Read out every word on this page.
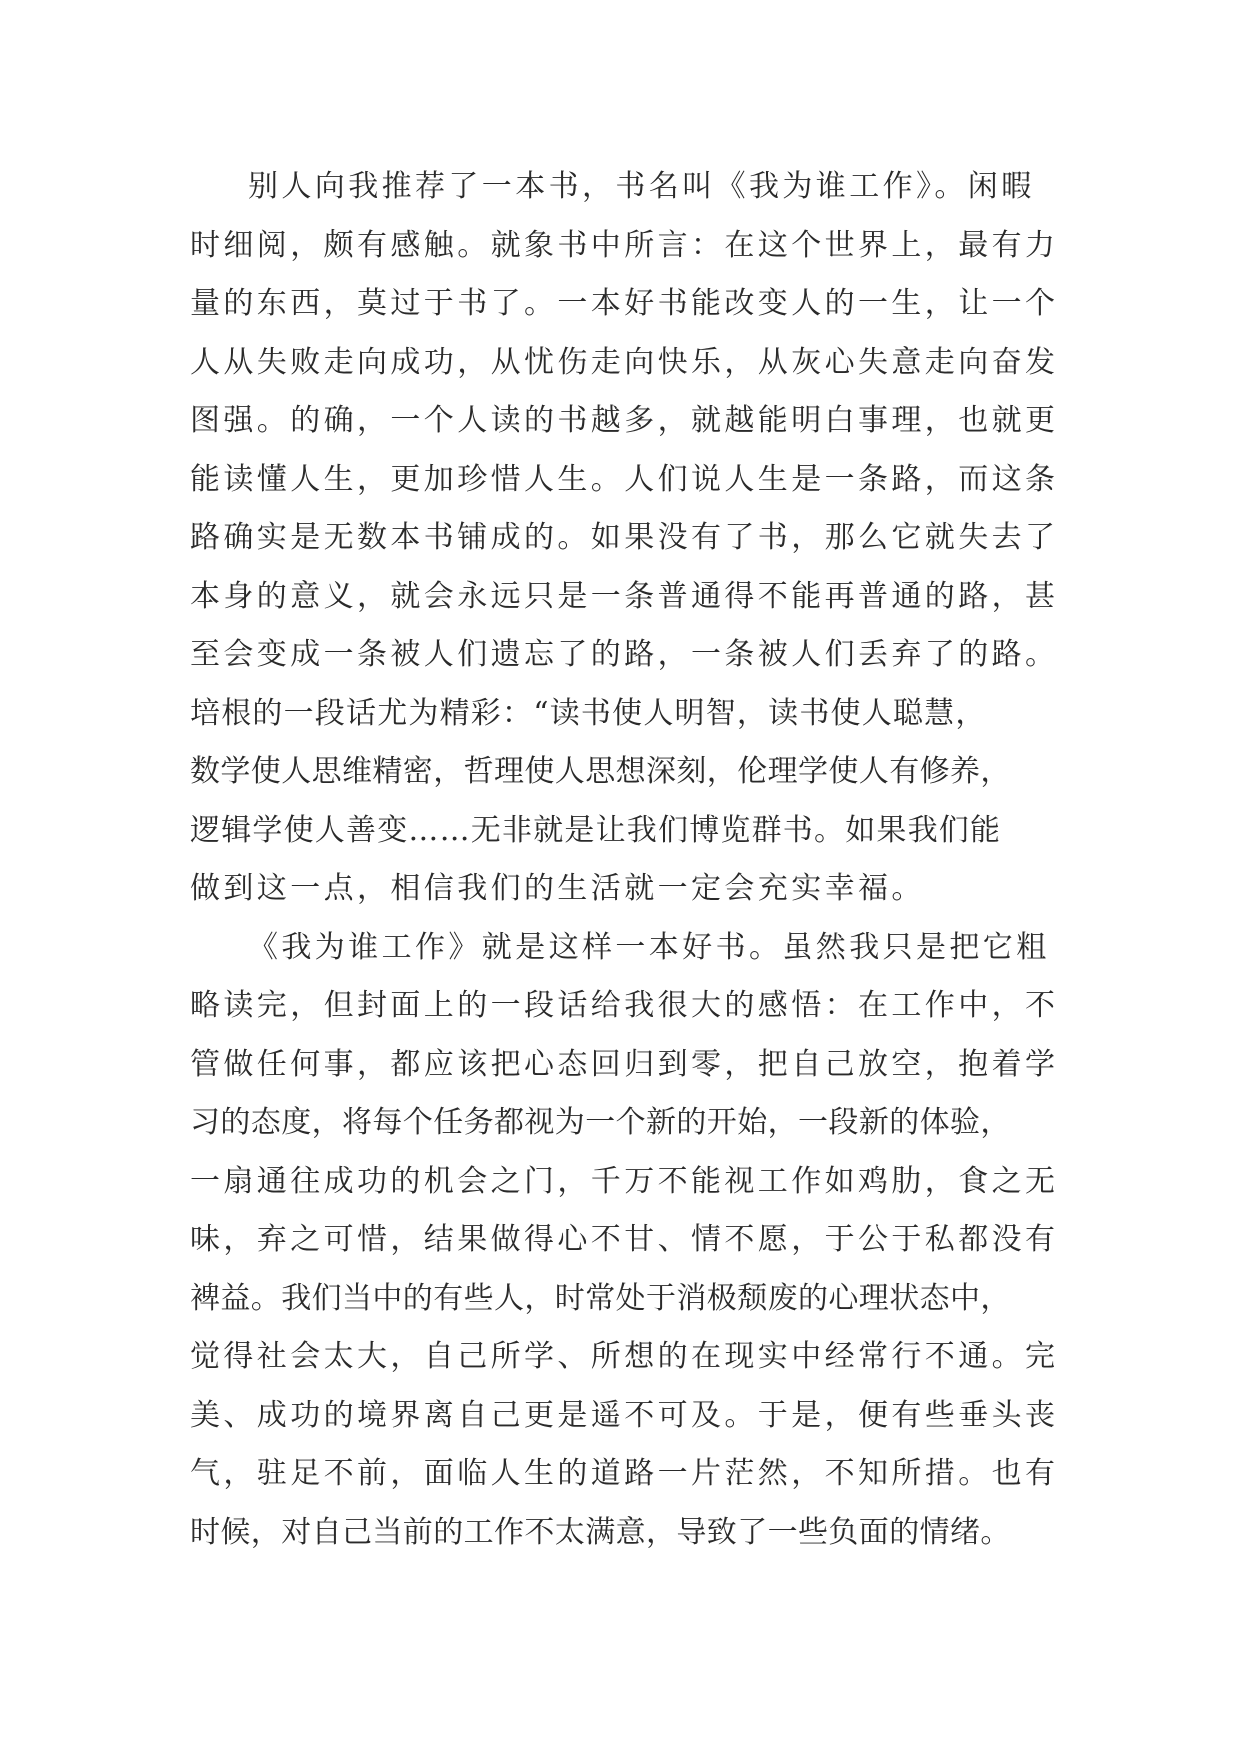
别人向我推荐了一本书，书名叫《我为谁工作》。闲暇
时细阅，颇有感触。就象书中所言：在这个世界上，最有力
量的东西，莫过于书了。一本好书能改变人的一生，让一个
人从失败走向成功，从忧伤走向快乐，从灰心失意走向奋发
图强。的确，一个人读的书越多，就越能明白事理，也就更
能读懂人生，更加珍惜人生。人们说人生是一条路，而这条
路确实是无数本书铺成的。如果没有了书，那么它就失去了
本身的意义，就会永远只是一条普通得不能再普通的路，甚
至会变成一条被人们遗忘了的路，一条被人们丢弃了的路。
培根的一段话尤为精彩：“读书使人明智，读书使人聪慧，
数学使人思维精密，哲理使人思想深刻，伦理学使人有修养，
逻辑学使人善变……无非就是让我们博览群书。如果我们能
做到这一点，相信我们的生活就一定会充实幸福。
《我为谁工作》就是这样一本好书。虽然我只是把它粗
略读完，但封面上的一段话给我很大的感悟：在工作中，不
管做任何事，都应该把心态回归到零，把自己放空，抱着学
习的态度，将每个任务都视为一个新的开始，一段新的体验，
一扇通往成功的机会之门，千万不能视工作如鸡肋，食之无
味，弃之可惜，结果做得心不甘、情不愿，于公于私都没有
裨益。我们当中的有些人，时常处于消极颓废的心理状态中，
觉得社会太大，自己所学、所想的在现实中经常行不通。完
美、成功的境界离自己更是遥不可及。于是，便有些垂头丧
气，驻足不前，面临人生的道路一片茫然，不知所措。也有
时候，对自己当前的工作不太满意，导致了一些负面的情绪。
